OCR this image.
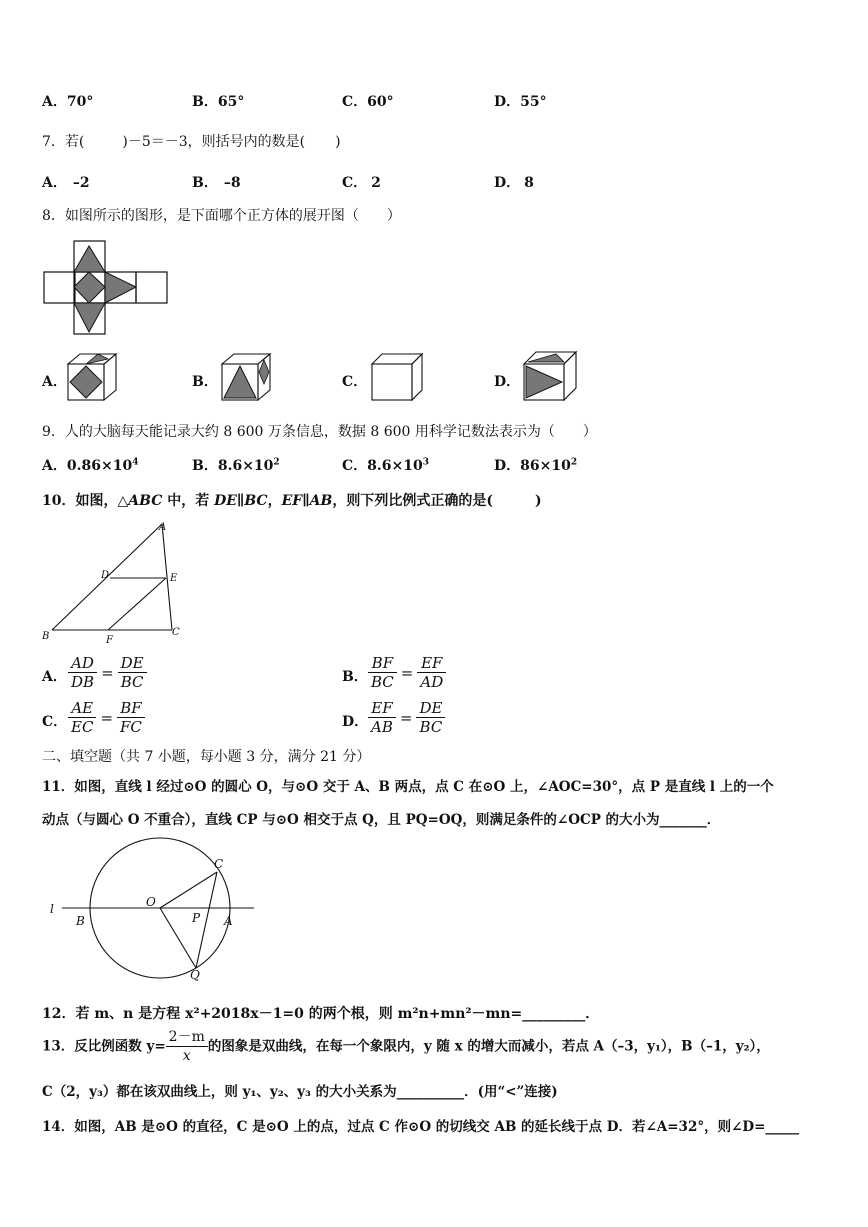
A．70°	B．65°	C．60°	D．55°
7．若(	)－5＝－3，则括号内的数是( )
A． –2	B． –8	C． 2	D． 8
8．如图所示的图形，是下面哪个正方体的展开图（　　）
A．	B．	C．	D．
9．人的大脑每天能记录大约 8 600 万条信息，数据 8 600 用科学记数法表示为（　　）
A．$0.86\times 10^4$	B．$8.6\times 10^2$	C．$8.6\times 10^3$	D．$86\times 10^2$
10．如图，△ABC 中，若 DE∥BC，EF∥AB，则下列比例式正确的是(　　　)
A
D	E
B	F
C
A． $\frac{AD}{DB} = \frac{DE}{BC}$	B． $\frac{BF}{BC} = \frac{EF}{AD}$
C． $\frac{AE}{EC} = \frac{BF}{FC}$	D． $\frac{EF}{AB} = \frac{DE}{BC}$
二、填空题（共 7 小题，每小题 3 分，满分 21 分）
11．如图，直线 l 经过⊙O 的圆心 O，与⊙O 交于 A、B 两点，点 C 在⊙O 上，∠AOC=30°，点 P 是直线 l 上的一个
动点（与圆心 O 不重合），直线 CP 与⊙O 相交于点 Q，且 PQ=OQ，则满足条件的∠OCP 的大小为_______．
l
B
O
C
P A
Q
12．若 m、n 是方程 x²+2018x－1=0 的两个根，则 m²n+mn²－mn=_________．
13．反比例函数 $y= \frac{2-m}{x}$ 的图象是双曲线，在每一个象限内，y 随 x 的增大而减小，若点 A（–3，y₁），B（–1，y₂），
C（2，y₃）都在该双曲线上，则 y₁、y₂、y₃ 的大小关系为__________．(用“<”连接)
14．如图，AB 是⊙O 的直径，C 是⊙O 上的点，过点 C 作⊙O 的切线交 AB 的延长线于点 D．若∠A=32°，则∠D=_____
